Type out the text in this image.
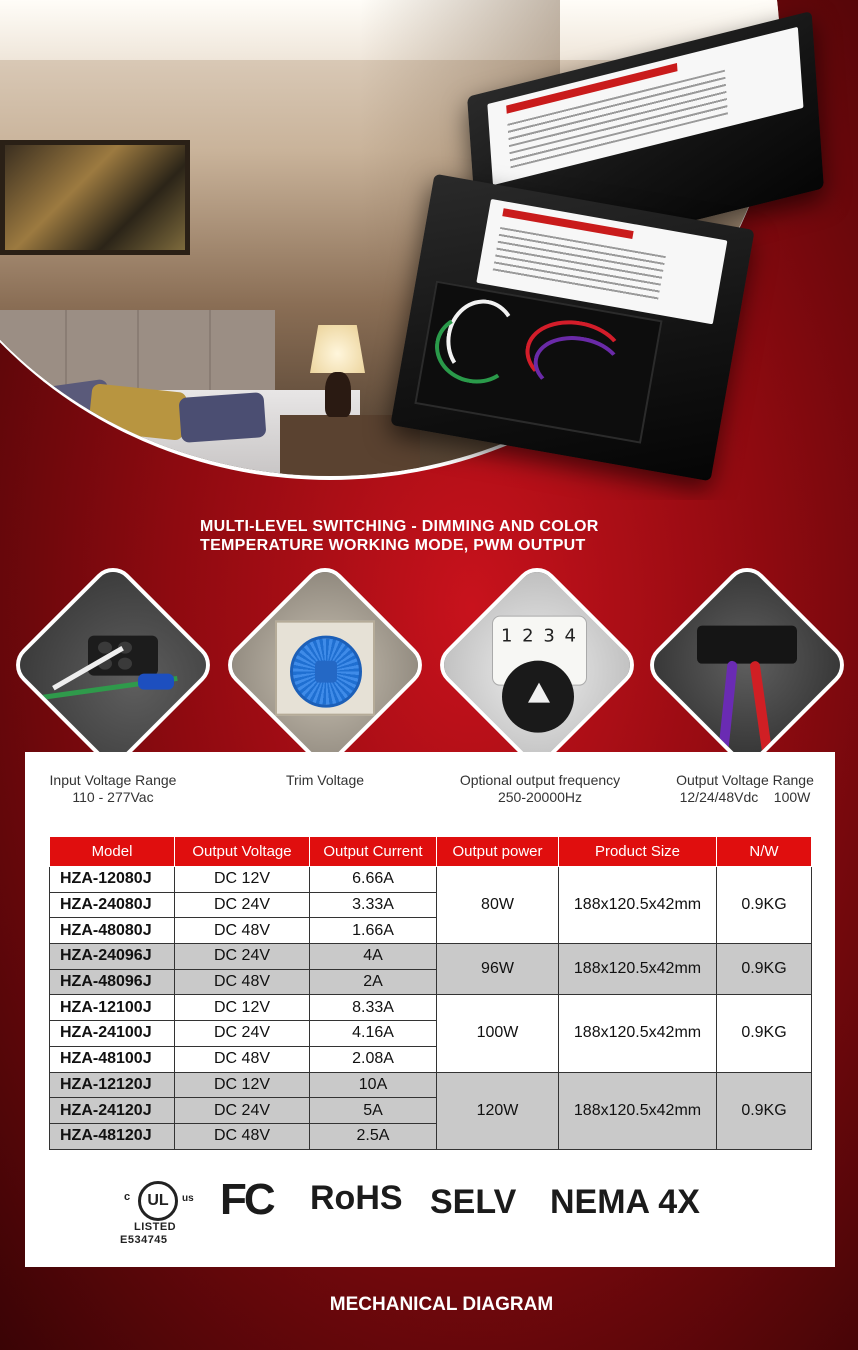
MULTI-LEVEL SWITCHING - DIMMING AND COLOR
TEMPERATURE WORKING MODE, PWM OUTPUT
1 2 3 4
Input Voltage Range
110 - 277Vac
Trim Voltage	Optional output frequency
250-20000Hz
Output Voltage Range
12/24/48Vdc    100W
Model	Output Voltage	Output Current	Output power	Product Size	N/W
HZA-12080J	DC 12V	6.66A	80W	188x120.5x42mm	0.9KG
HZA-24080J	DC 24V	3.33A			
HZA-48080J	DC 48V	1.66A			
HZA-24096J	DC 24V	4A	96W	188x120.5x42mm	0.9KG
HZA-48096J	DC 48V	2A			
HZA-12100J	DC 12V	8.33A	100W	188x120.5x42mm	0.9KG
HZA-24100J	DC 24V	4.16A			
HZA-48100J	DC 48V	2.08A			
HZA-12120J	DC 12V	10A	120W	188x120.5x42mm	0.9KG
HZA-24120J	DC 24V	5A			
HZA-48120J	DC 48V	2.5A			
c	UL	us
LISTED
E534745
FC RoHS SELV NEMA 4X
MECHANICAL DIAGRAM
